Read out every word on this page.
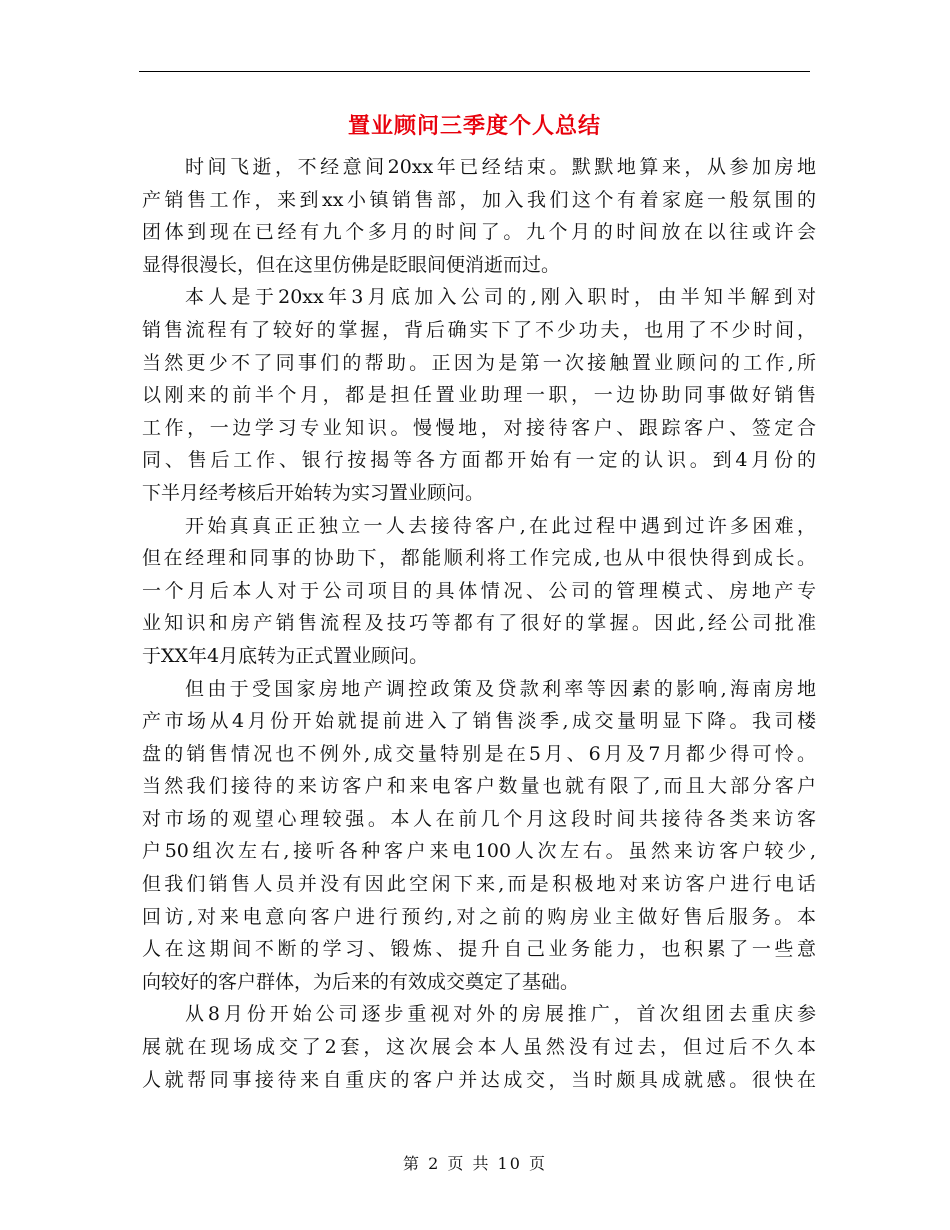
置业顾问三季度个人总结
时间飞逝，不经意间20xx年已经结束。默默地算来，从参加房地
产销售工作，来到xx小镇销售部，加入我们这个有着家庭一般氛围的
团体到现在已经有九个多月的时间了。九个月的时间放在以往或许会
显得很漫长，但在这里仿佛是眨眼间便消逝而过。
本人是于20xx年3月底加入公司的,刚入职时，由半知半解到对
销售流程有了较好的掌握，背后确实下了不少功夫，也用了不少时间，
当然更少不了同事们的帮助。正因为是第一次接触置业顾问的工作,所
以刚来的前半个月，都是担任置业助理一职，一边协助同事做好销售
工作，一边学习专业知识。慢慢地，对接待客户、跟踪客户、签定合
同、售后工作、银行按揭等各方面都开始有一定的认识。到4月份的
下半月经考核后开始转为实习置业顾问。
开始真真正正独立一人去接待客户,在此过程中遇到过许多困难，
但在经理和同事的协助下，都能顺利将工作完成,也从中很快得到成长。
一个月后本人对于公司项目的具体情况、公司的管理模式、房地产专
业知识和房产销售流程及技巧等都有了很好的掌握。因此,经公司批准
于XX年4月底转为正式置业顾问。
但由于受国家房地产调控政策及贷款利率等因素的影响,海南房地
产市场从4月份开始就提前进入了销售淡季,成交量明显下降。我司楼
盘的销售情况也不例外,成交量特别是在5月、6月及7月都少得可怜。
当然我们接待的来访客户和来电客户数量也就有限了,而且大部分客户
对市场的观望心理较强。本人在前几个月这段时间共接待各类来访客
户50组次左右,接听各种客户来电100人次左右。虽然来访客户较少,
但我们销售人员并没有因此空闲下来,而是积极地对来访客户进行电话
回访,对来电意向客户进行预约,对之前的购房业主做好售后服务。本
人在这期间不断的学习、锻炼、提升自己业务能力，也积累了一些意
向较好的客户群体，为后来的有效成交奠定了基础。
从8月份开始公司逐步重视对外的房展推广，首次组团去重庆参
展就在现场成交了2套，这次展会本人虽然没有过去，但过后不久本
人就帮同事接待来自重庆的客户并达成交，当时颇具成就感。很快在
第 2 页 共 10 页
